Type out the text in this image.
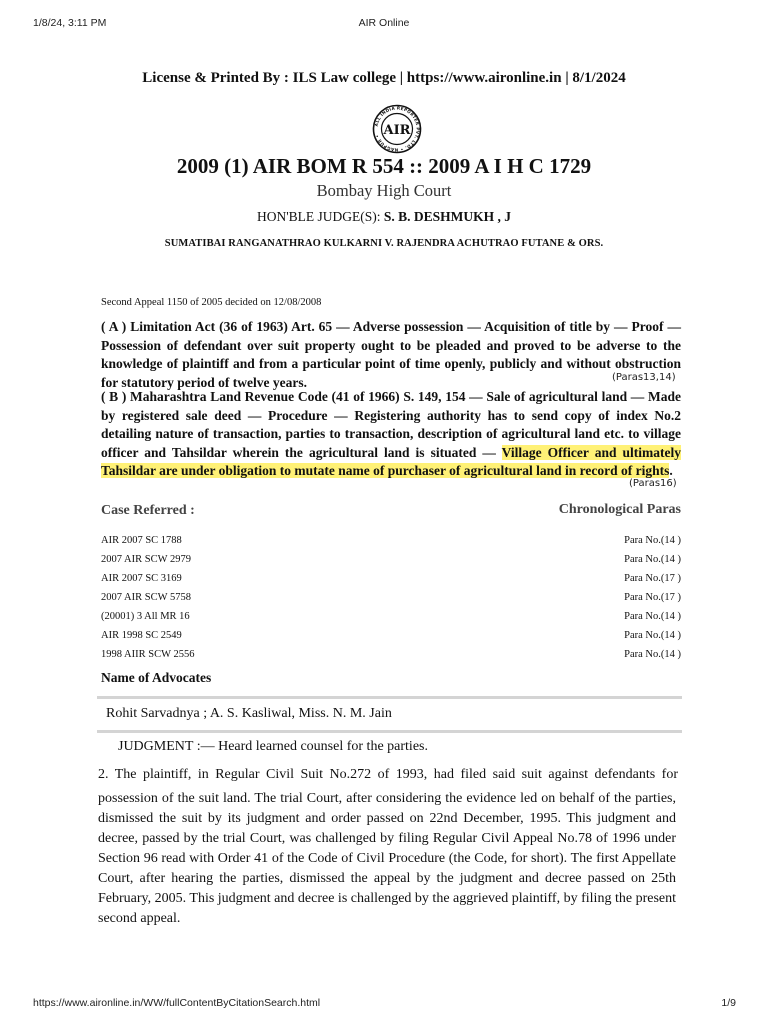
1/8/24, 3:11 PM	AIR Online
License & Printed By : ILS Law college | https://www.aironline.in | 8/1/2024
ALL INDIA REPORTER PVT. LTD. • NAGPUR • AIR
2009 (1) AIR BOM R 554 :: 2009 A I H C 1729
Bombay High Court
HON'BLE JUDGE(S): S. B. DESHMUKH , J
SUMATIBAI RANGANATHRAO KULKARNI V. RAJENDRA ACHUTRAO FUTANE & ORS.
Second Appeal 1150 of 2005 decided on 12/08/2008
( A ) Limitation Act (36 of 1963) Art. 65 — Adverse possession — Acquisition of title by — Proof — Possession of defendant over suit property ought to be pleaded and proved to be adverse to the knowledge of plaintiff and from a particular point of time openly, publicly and without obstruction for statutory period of twelve years.	(Paras13,14)
( B ) Maharashtra Land Revenue Code (41 of 1966) S. 149, 154 — Sale of agricultural land — Made by registered sale deed — Procedure — Registering authority has to send copy of index No.2 detailing nature of transaction, parties to transaction, description of agricultural land etc. to village officer and Tahsildar wherein the agricultural land is situated — Village Officer and ultimately Tahsildar are under obligation to mutate name of purchaser of agricultural land in record of rights.
(Paras16)
Case Referred :	Chronological Paras
AIR 2007 SC 1788	Para No.(14 )
2007 AIR SCW 2979	Para No.(14 )
AIR 2007 SC 3169	Para No.(17 )
2007 AIR SCW 5758	Para No.(17 )
(20001) 3 All MR 16	Para No.(14 )
AIR 1998 SC 2549	Para No.(14 )
1998 AIIR SCW 2556	Para No.(14 )
Name of Advocates
Rohit Sarvadnya ; A. S. Kasliwal, Miss. N. M. Jain
JUDGMENT :— Heard learned counsel for the parties.
2. The plaintiff, in Regular Civil Suit No.272 of 1993, had filed said suit against defendants for
possession of the suit land. The trial Court, after considering the evidence led on behalf of the parties, dismissed the suit by its judgment and order passed on 22nd December, 1995. This judgment and decree, passed by the trial Court, was challenged by filing Regular Civil Appeal No.78 of 1996 under Section 96 read with Order 41 of the Code of Civil Procedure (the Code, for short). The first Appellate Court, after hearing the parties, dismissed the appeal by the judgment and decree passed on 25th February, 2005. This judgment and decree is challenged by the aggrieved plaintiff, by filing the present second appeal.
https://www.aironline.in/WW/fullContentByCitationSearch.html	1/9
